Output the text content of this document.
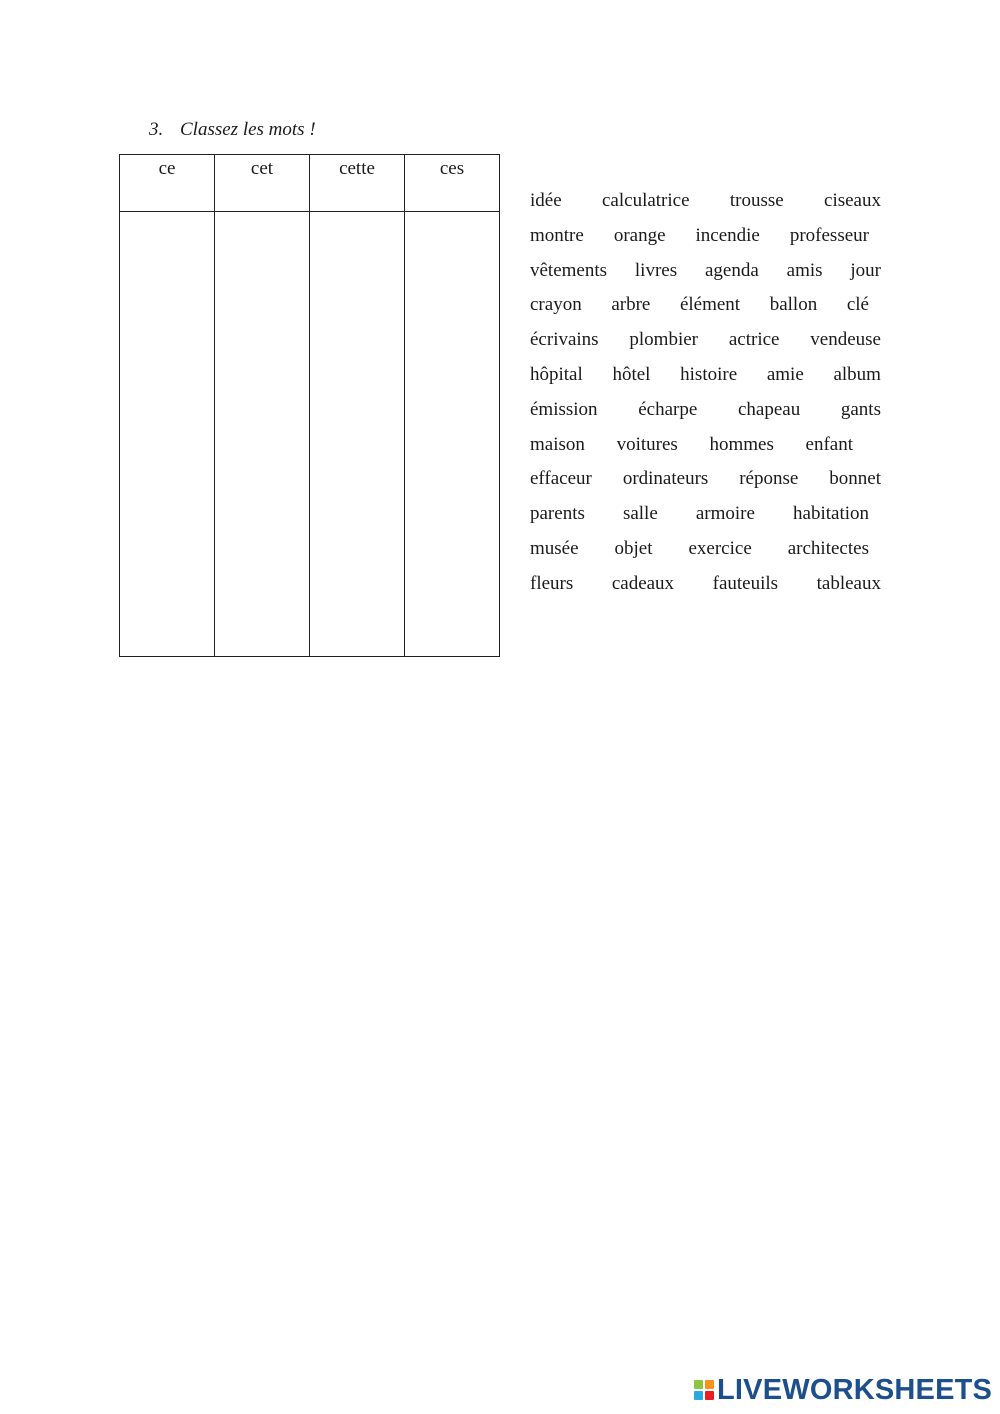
3. Classez les mots !
ce	cet	cette	ces

idée calculatrice trousse ciseaux
montre orange incendie professeur
vêtements livres agenda amis jour
crayon arbre élément ballon clé
écrivains plombier actrice vendeuse
hôpital hôtel histoire amie album
émission écharpe chapeau gants
maison voitures hommes enfant
effaceur ordinateurs réponse bonnet
parents salle armoire habitation
musée objet exercice architectes
fleurs cadeaux fauteuils tableaux
LIVEWORKSHEETS
